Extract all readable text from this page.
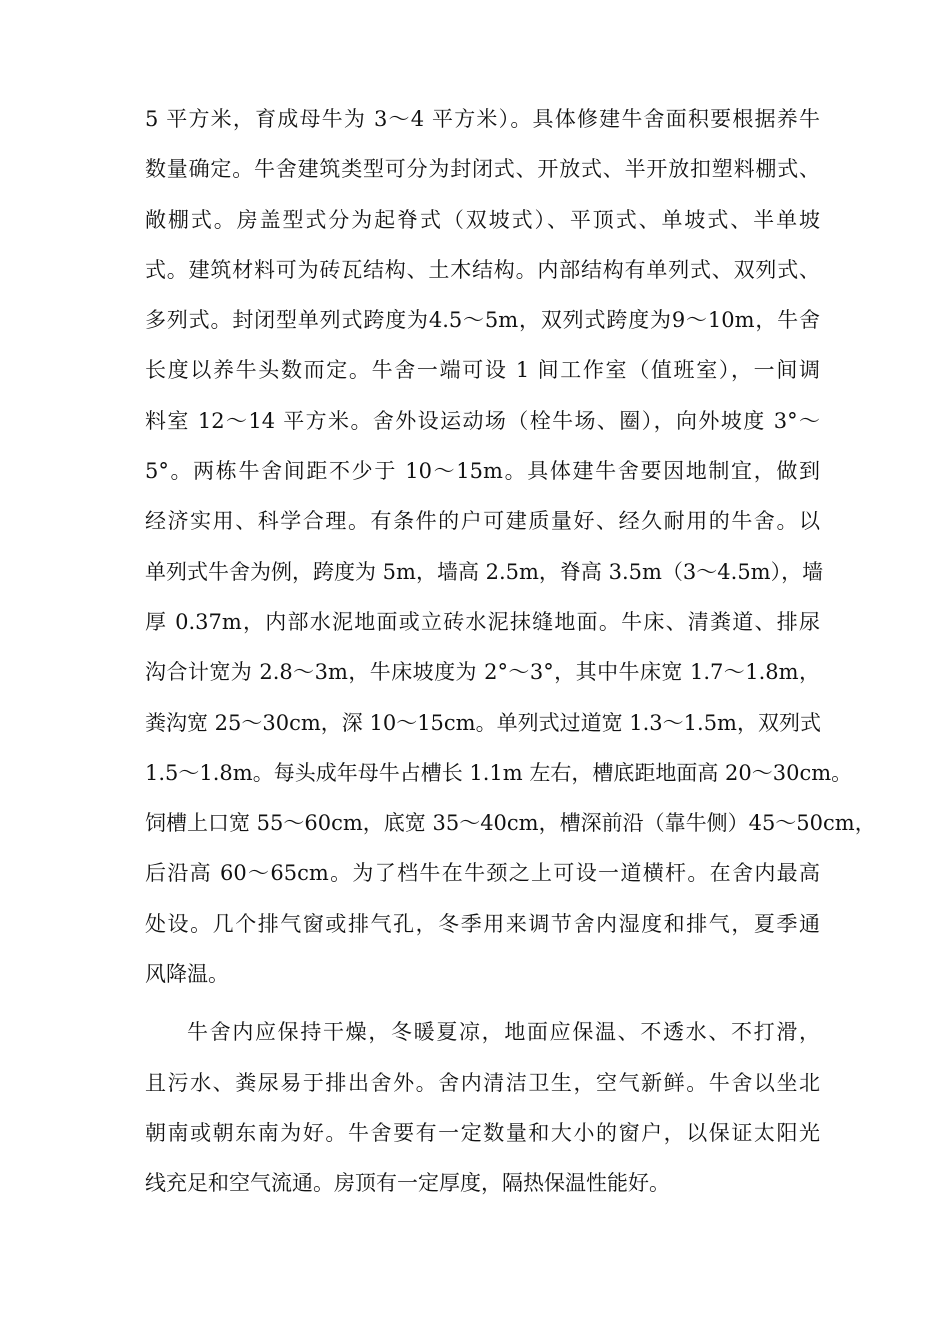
5 平方米，育成母牛为 3～4 平方米）。具体修建牛舍面积要根据养牛
数量确定。牛舍建筑类型可分为封闭式、开放式、半开放扣塑料棚式、
敞棚式。房盖型式分为起脊式（双坡式）、平顶式、单坡式、半单坡
式。建筑材料可为砖瓦结构、土木结构。内部结构有单列式、双列式、
多列式。封闭型单列式跨度为4.5～5m，双列式跨度为9～10m，牛舍
长度以养牛头数而定。牛舍一端可设 1 间工作室（值班室），一间调
料室 12～14 平方米。舍外设运动场（栓牛场、圈），向外坡度 3°～
5°。两栋牛舍间距不少于 10～15m。具体建牛舍要因地制宜，做到
经济实用、科学合理。有条件的户可建质量好、经久耐用的牛舍。以
单列式牛舍为例，跨度为 5m，墙高 2.5m，脊高 3.5m（3～4.5m），墙
厚 0.37m，内部水泥地面或立砖水泥抹缝地面。牛床、清粪道、排尿
沟合计宽为 2.8～3m，牛床坡度为 2°～3°，其中牛床宽 1.7～1.8m，
粪沟宽 25～30cm，深 10～15cm。单列式过道宽 1.3～1.5m，双列式
1.5～1.8m。每头成年母牛占槽长 1.1m 左右，槽底距地面高 20～30cm。
饲槽上口宽 55～60cm，底宽 35～40cm，槽深前沿（靠牛侧）45～50cm，
后沿高 60～65cm。为了档牛在牛颈之上可设一道横杆。在舍内最高
处设。几个排气窗或排气孔，冬季用来调节舍内湿度和排气，夏季通
风降温。
牛舍内应保持干燥，冬暖夏凉，地面应保温、不透水、不打滑，
且污水、粪尿易于排出舍外。舍内清洁卫生，空气新鲜。牛舍以坐北
朝南或朝东南为好。牛舍要有一定数量和大小的窗户，以保证太阳光
线充足和空气流通。房顶有一定厚度，隔热保温性能好。
